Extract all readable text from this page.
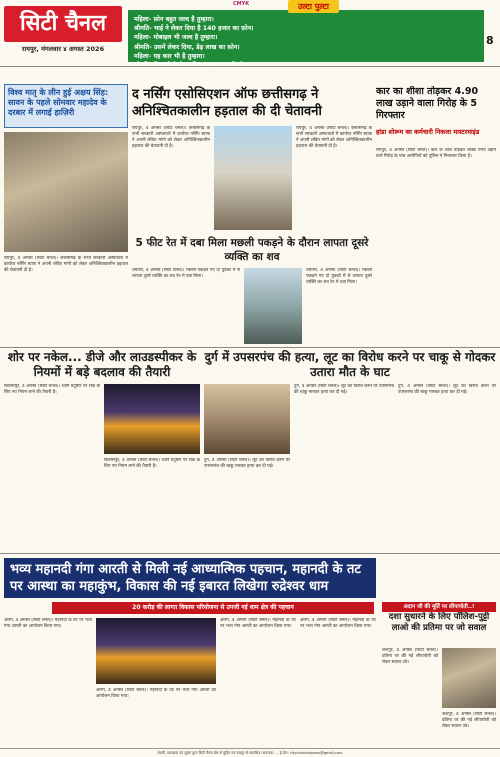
CMYK
सिटी चैनल
रायपुर, मंगलवार ४ अगस्त 2026
8
उल्टा पुल्टा
महिला- फ़ोन बहुत जल्द है तुम्हारा।
श्रीमति- भाई ने लेकर दिया है 140 हजार का फ़ोन।
महिला- मोबाइल भी जल्द है तुम्हारा।
श्रीमति- उसमें लेकर दिया, डेढ़ लाख का फ़ोन।
महिला- यह कार भी है तुम्हारा।
विश्व मातृ के लीन हुई अक्षय सिंह: सावन के पहले सोमवार महादेव के दरबार में लगाई हाज़िरी
रायपुर, 4 अगस्त (सिटी चैनल)। छत्तीसगढ़ के सभी सरकारी अस्पतालों में कार्यरत नर्सिंग स्टाफ ने अपनी लंबित मांगों को लेकर अनिश्चितकालीन हड़ताल की चेतावनी दी है।
द नर्सिंग एसोसिएशन ऑफ छत्तीसगढ़ ने अनिश्चितकालीन हड़ताल की दी चेतावनी
रायपुर, 4 अगस्त (सिटी चैनल)। छत्तीसगढ़ के सभी सरकारी अस्पतालों में कार्यरत नर्सिंग स्टाफ ने अपनी लंबित मांगों को लेकर अनिश्चितकालीन हड़ताल की चेतावनी दी है।
रायपुर, 4 अगस्त (सिटी चैनल)। छत्तीसगढ़ के सभी सरकारी अस्पतालों में कार्यरत नर्सिंग स्टाफ ने अपनी लंबित मांगों को लेकर अनिश्चितकालीन हड़ताल की चेतावनी दी है।
कार का शीशा तोड़कर 4.90 लाख उड़ाने वाला गिरोह के 5 गिरफ्तार
हांडा शोरूम का कर्मचारी निकला मास्टरमाइंड
रायपुर, 4 अगस्त (सिटी चैनल)। कार के शीशे तोड़कर लाखों रुपये उड़ाने वाले गिरोह के पांच आरोपियों को पुलिस ने गिरफ्तार किया है।
5 फीट रेत में दबा मिला मछली पकड़ने के दौरान लापता दूसरे व्यक्ति का शव
धमतरी, 4 अगस्त (सिटी चैनल)। मछली पकड़ने गए दो युवकों में से लापता दूसरे व्यक्ति का शव रेत में दबा मिला।
धमतरी, 4 अगस्त (सिटी चैनल)। मछली पकड़ने गए दो युवकों में से लापता दूसरे व्यक्ति का शव रेत में दबा मिला।
शोर पर नकेल... डीजे और लाउडस्पीकर के नियमों में बड़े बदलाव की तैयारी
बिलासपुर, 4 अगस्त (सिटी चैनल)। ध्वनि प्रदूषण पर रोक के लिए नए नियम लाने की तैयारी है।
बिलासपुर, 4 अगस्त (सिटी चैनल)। ध्वनि प्रदूषण पर रोक के लिए नए नियम लाने की तैयारी है।
दुर्ग में उपसरपंच की हत्या, लूट का विरोध करने पर चाकू से गोदकर उतारा मौत के घाट
दुर्ग, 4 अगस्त (सिटी चैनल)। लूट का विरोध करने पर उपसरपंच की चाकू मारकर हत्या कर दी गई।
दुर्ग, 4 अगस्त (सिटी चैनल)। लूट का विरोध करने पर उपसरपंच की चाकू मारकर हत्या कर दी गई।
दुर्ग, 4 अगस्त (सिटी चैनल)। लूट का विरोध करने पर उपसरपंच की चाकू मारकर हत्या कर दी गई।
भव्य महानदी गंगा आरती से मिली नई आध्यात्मिक पहचान, महानदी के तट पर आस्था का महाकुंभ, विकास की नई इबारत लिखेगा रुद्रेश्वर धाम
20 करोड़ की लागत विकास परियोजना से उपजी नई धाम क्षेत्र की पहचान
आरंग, 4 अगस्त (सिटी चैनल)। महानदी के तट पर भव्य गंगा आरती का आयोजन किया गया।
आरंग, 4 अगस्त (सिटी चैनल)। महानदी के तट पर भव्य गंगा आरती का आयोजन किया गया।
आरंग, 4 अगस्त (सिटी चैनल)। महानदी के तट पर भव्य गंगा आरती का आयोजन किया गया।
आरंग, 4 अगस्त (सिटी चैनल)। महानदी के तट पर भव्य गंगा आरती का आयोजन किया गया।
अदान जी की मूर्ति पर लीपापोती..!
दशा सुधारने के लिए पॉलिश-पुट्टी लाओ की प्रतिमा पर जो सवाल
जशपुर, 4 अगस्त (सिटी चैनल)। प्रतिमा पर की गई लीपापोती को लेकर सवाल उठे।
जशपुर, 4 अगस्त (सिटी चैनल)। प्रतिमा पर की गई लीपापोती को लेकर सवाल उठे।
स्वामी, प्रकाशक एवं मुद्रक द्वारा सिटी चैनल प्रेस से मुद्रित एवं रायपुर से प्रकाशित। संपादक: ... ई-मेल: citychannelpress@gmail.com
